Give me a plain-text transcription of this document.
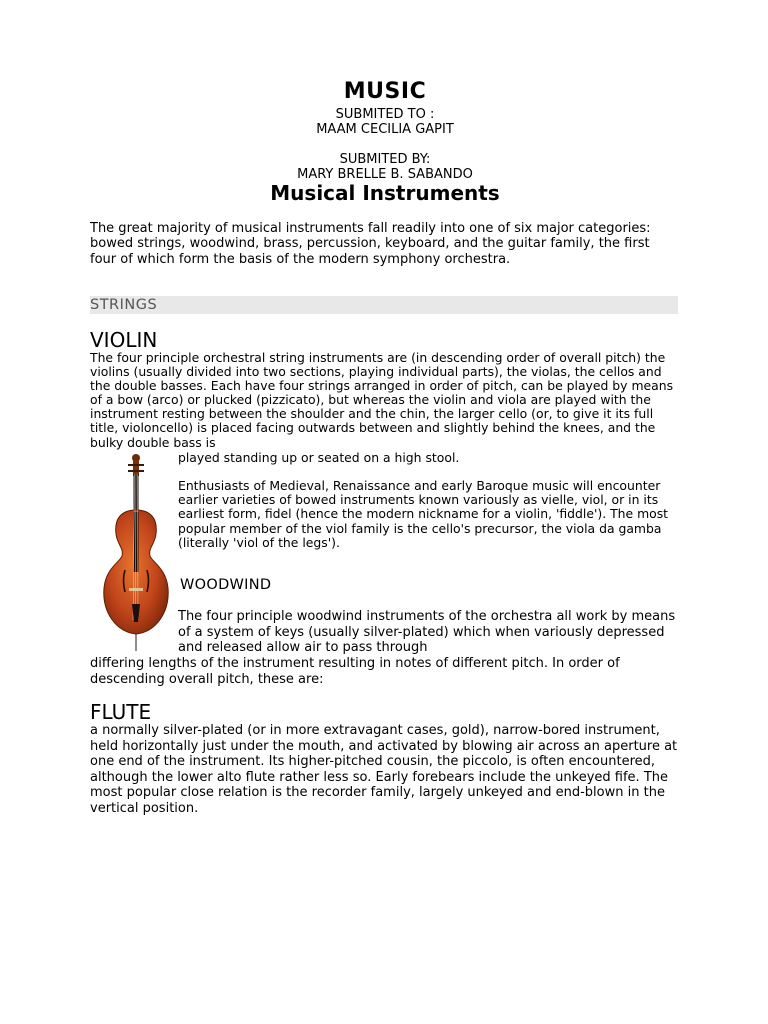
MUSIC
SUBMITED TO :
MAAM CECILIA GAPIT
SUBMITED BY:
MARY BRELLE B. SABANDO
Musical Instruments

The great majority of musical instruments fall readily into one of six major categories: bowed strings, woodwind, brass, percussion, keyboard, and the guitar family, the first four of which form the basis of the modern symphony orchestra.

STRINGS
VIOLIN

The four principle orchestral string instruments are (in descending order of overall pitch) the violins (usually divided into two sections, playing individual parts), the violas, the cellos and the double basses. Each have four strings arranged in order of pitch, can be played by means of a bow (arco) or plucked (pizzicato), but whereas the violin and viola are played with the instrument resting between the shoulder and the chin, the larger cello (or, to give it its full title, violoncello) is placed facing outwards between and slightly behind the knees, and the bulky double bass is

played standing up or seated on a high stool.

Enthusiasts of Medieval, Renaissance and early Baroque music will encounter earlier varieties of bowed instruments known variously as vielle, viol, or in its earliest form, fidel (hence the modern nickname for a violin, 'fiddle'). The most popular member of the viol family is the cello's precursor, the viola da gamba (literally 'viol of the legs').

WOODWIND

The four principle woodwind instruments of the orchestra all work by means of a system of keys (usually silver-plated) which when variously depressed and released allow air to pass through

differing lengths of the instrument resulting in notes of different pitch. In order of descending overall pitch, these are:

FLUTE

a normally silver-plated (or in more extravagant cases, gold), narrow-bored instrument, held horizontally just under the mouth, and activated by blowing air across an aperture at one end of the instrument. Its higher-pitched cousin, the piccolo, is often encountered, although the lower alto flute rather less so. Early forebears include the unkeyed fife. The most popular close relation is the recorder family, largely unkeyed and end-blown in the vertical position.
